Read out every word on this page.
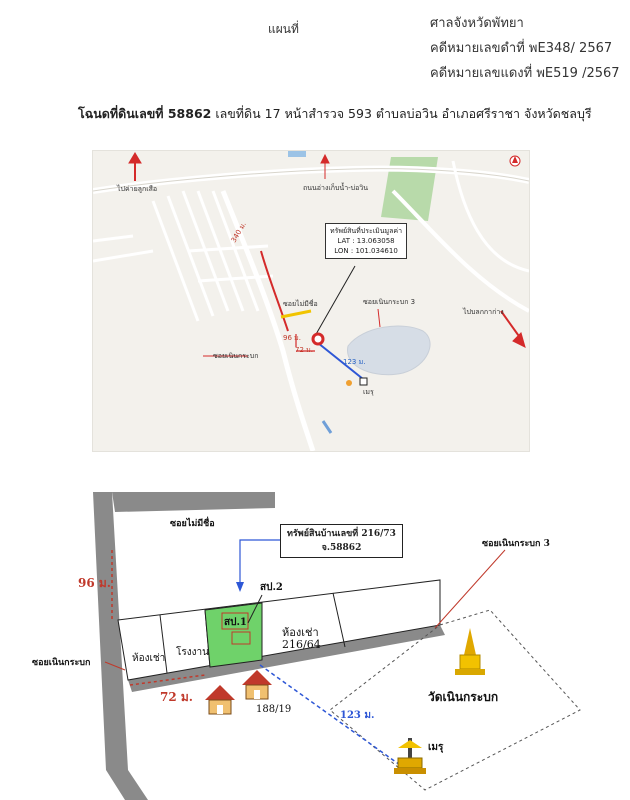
แผนที่	ศาลจังหวัดพัทยา
คดีหมายเลขดำที่ พE348/ 2567
คดีหมายเลขแดงที่ พE519 /2567
โฉนดที่ดินเลขที่ 58862 เลขที่ดิน 17 หน้าสำรวจ 593 ตำบลบ่อวิน อำเภอศรีราชา จังหวัดชลบุรี
ไปค่ายลูกเสือ	ถนนอ่างเก็บน้ำ-บ่อวิน
340 ม.	ทรัพย์สินที่ประเมินมูลค่า
LAT : 13.063058
LON : 101.034610
ซอยไม่มีชื่อ	ซอยเนินกระบก 3
ไปบลกกาก่าง
96 ม.
72 ม.
123 ม.
ซอยเนินกระบก
เมรุ
ซอยไม่มีชื่อ
ทรัพย์สินบ้านเลขที่ 216/73
จ.58862	ซอยเนินกระบก 3
96 ม.	สป.2
สป.1
ห้องเช่า
โรงงาน
ห้องเช่า
216/64
ซอยเนินกระบก
72 ม.
188/19
123 ม.
วัดเนินกระบก
เมรุ
